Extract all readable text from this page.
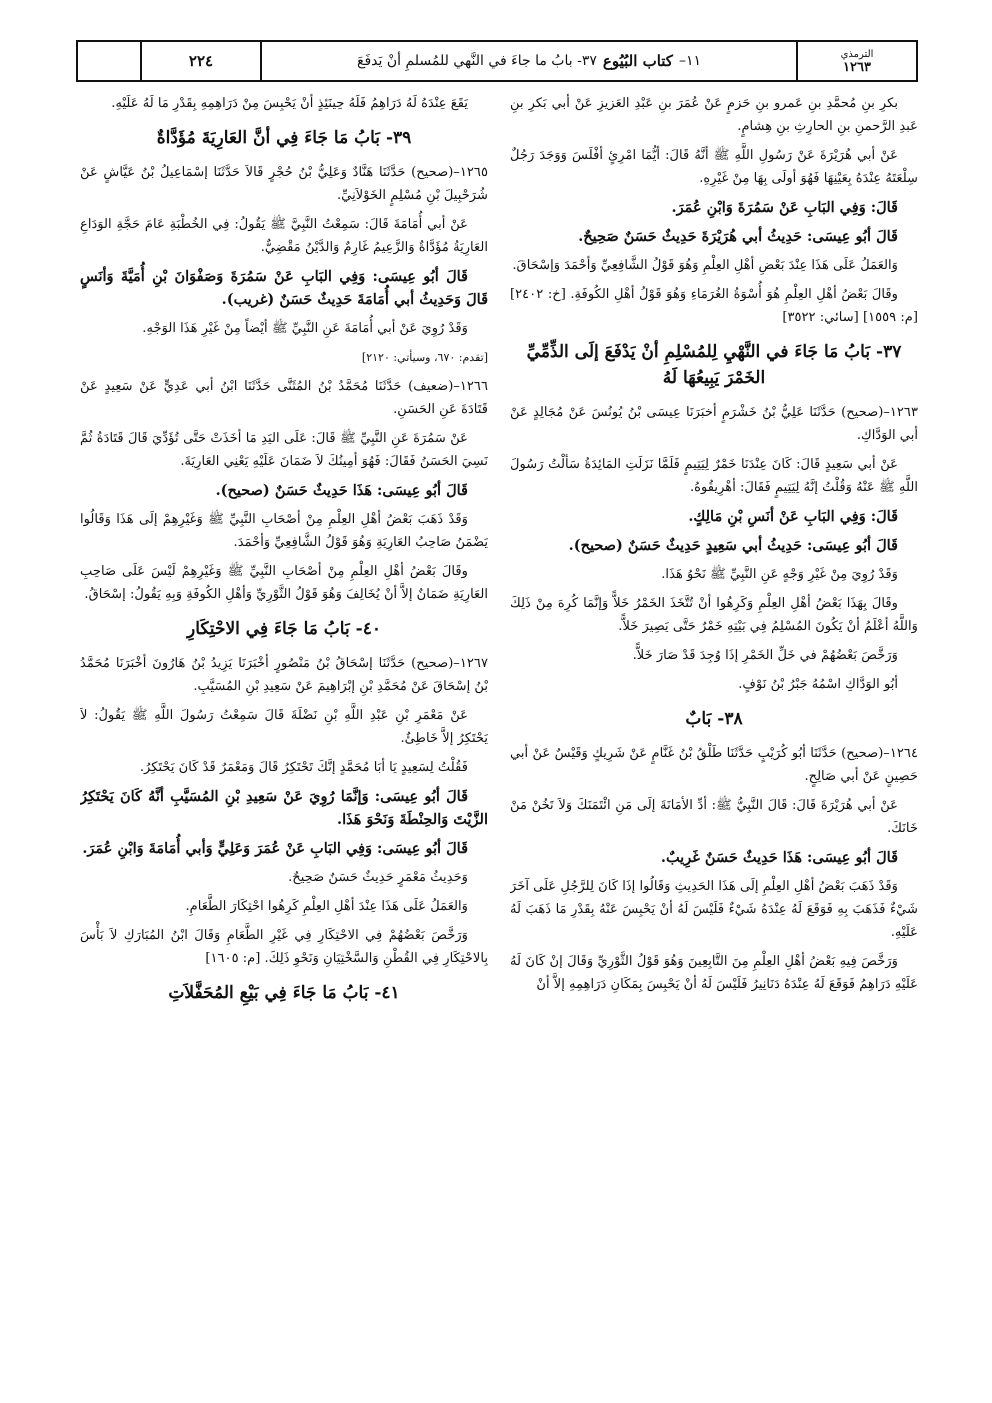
الترمذي
١٢٦٣
١١–
كتاب البُيُوع
٣٧- بابُ ما جاءَ في النَّهي للمُسلمِ أنْ يَدفَعَ
٢٢٤

بكرِ بنِ مُحمَّدِ بنِ عَمرو بنِ حَزمٍ عَنْ عُمَرَ بنِ عَبْدِ العَزيزِ عَنْ أبي بَكرِ بنِ عَبدِ الرَّحمنِ بنِ الحارِثِ بنِ هِشامٍ.

عَنْ أبي هُرَيْرَةَ عَنْ رَسُولِ اللَّهِ ﷺ أنَّهُ قَالَ: أيُّمَا امْرِئٍ أفْلَسَ وَوَجَدَ رَجُلٌ سِلْعَتَهُ عِنْدَهُ بِعَيْنِهَا فَهُوَ أولَى بِهَا مِنْ غَيْرِهِ.

قَالَ: وَفِي البَابِ عَنْ سَمُرَةَ وَابْنِ عُمَرَ.

قَالَ أبُو عِيسَى: حَدِيثُ أبي هُرَيْرَةَ حَدِيثٌ حَسَنٌ صَحِيحٌ.

وَالعَمَلُ عَلَى هَذَا عِنْدَ بَعْضِ أهْلِ العِلْمِ وَهُوَ قَوْلُ الشَّافِعِيِّ وَأحْمَدَ وَإسْحَاقَ.

وقَالَ بَعْضُ أهْلِ العِلْمِ هُوَ أُسْوَةُ الغُرَمَاءِ وَهُوَ قَوْلُ أهْلِ الكُوفَةِ. [خ: ٢٤٠٢] [م: ١٥٥٩] [سائي: ٣٥٢٢]

٣٧- بَابُ مَا جَاءَ في النَّهْيِ لِلمُسْلِمِ أنْ يَدْفَعَ إلَى الذِّمِّيِّ الخَمْرَ يَبِيعُهَا لَهُ

١٢٦٣–(صحيح) حَدَّثَنَا عَلِيُّ بْنُ خَشْرَمٍ أخبَرَنَا عِيسَى بْنُ يُونُسَ عَنْ مُجَالِدٍ عَنْ أبي الوَدَّاكِ.

عَنْ أبي سَعِيدٍ قَالَ: كَانَ عِنْدَنَا خَمْرٌ لِيَتِيمٍ فَلَمَّا نَزَلَتِ المَائِدَةُ سَألْتُ رَسُولَ اللَّهِ ﷺ عَنْهُ وَقُلْتُ إنَّهُ لِيَتِيمٍ فَقَالَ: أهْرِيقُوهُ.

قَالَ: وَفِي البَابِ عَنْ أنَسِ بْنِ مَالِكٍ.

قَالَ أبُو عِيسَى: حَدِيثُ أبي سَعِيدٍ حَدِيثٌ حَسَنٌ (صحيح).

وَقَدْ رُوِيَ مِنْ غَيْرِ وَجْهٍ عَنِ النَّبِيِّ ﷺ نَحْوُ هَذَا.

وقَالَ بِهَذَا بَعْضُ أهْلِ العِلْمِ وَكَرِهُوا أنْ تُتَّخَذَ الخَمْرُ خَلاًّ وَإنَّمَا كُرِهَ مِنْ ذَلِكَ وَاللَّهُ أعْلَمُ أنْ يَكُونَ المُسْلِمُ فِي بَيْتِهِ خَمْرٌ حَتَّى يَصِيرَ خَلاًّ.

وَرَخَّصَ بَعْضُهُمْ في خَلِّ الخَمْرِ إذَا وُجِدَ قَدْ صَارَ خَلاًّ.

أبُو الوَدَّاكِ اسْمُهُ جَبْرُ بْنُ نَوْفٍ.

٣٨- بَابٌ

١٢٦٤–(صحيح) حَدَّثَنَا أبُو كُرَيْبٍ حَدَّثَنَا طَلْقُ بْنُ غَنَّامٍ عَنْ شَرِيكٍ وَقَيْسٌ عَنْ أبي حَصِينٍ عَنْ أبي صَالِحٍ.

عَنْ أبي هُرَيْرَةَ قَالَ: قَالَ النَّبِيُّ ﷺ: أدِّ الأمَانَةَ إلَى مَنِ ائْتَمَنَكَ وَلاَ تَخُنْ مَنْ خَانَكَ.

قَالَ أبُو عِيسَى: هَذَا حَدِيثٌ حَسَنٌ غَرِيبٌ.

وَقَدْ ذَهَبَ بَعْضُ أهْلِ العِلْمِ إلَى هَذَا الحَدِيثِ وَقَالُوا إذَا كَانَ لِلرَّجُلِ عَلَى آخَرَ شَيْءٌ فَذَهَبَ بِهِ فَوَقَعَ لَهُ عِنْدَهُ شَيْءٌ فَلَيْسَ لَهُ أنْ يَحْبِسَ عَنْهُ بِقَدْرِ مَا ذَهَبَ لَهُ عَلَيْهِ.

وَرَخَّصَ فِيهِ بَعْضُ أهْلِ العِلْمِ مِنَ التَّابِعِينَ وَهُوَ قَوْلُ الثَّوْرِيِّ وَقَالَ إنْ كَانَ لَهُ عَلَيْهِ دَرَاهِمُ فَوَقَعَ لَهُ عِنْدَهُ دَنَانِيرُ فَلَيْسَ لَهُ أنْ يَحْبِسَ بِمَكَانِ دَرَاهِمِهِ إلاَّ أنْ

يَقَعَ عِنْدَهُ لَهُ دَرَاهِمُ فَلَهُ حِينَئِذٍ أنْ يَحْبِسَ مِنْ دَرَاهِمِهِ بِقَدْرِ مَا لَهُ عَلَيْهِ.

٣٩- بَابُ مَا جَاءَ فِي أنَّ العَارِيَةَ مُؤَدَّاةٌ

١٢٦٥–(صحيح) حَدَّثَنَا هَنَّادٌ وَعَلِيُّ بْنُ حُجْرٍ قَالاَ حَدَّثَنَا إسْمَاعِيلُ بْنُ عَيَّاشٍ عَنْ شُرَحْبِيلَ بْنِ مُسْلِمٍ الخَوْلاَنِيِّ.

عَنْ أبي أُمَامَةَ قَالَ: سَمِعْتُ النَّبِيَّ ﷺ يَقُولُ: فِي الخُطْبَةِ عَامَ حَجَّةِ الوَدَاعِ العَارِيَةُ مُؤَدَّاةٌ وَالزَّعِيمُ غَارِمٌ وَالدَّيْنُ مَقْضِيٌّ.

قَالَ أبُو عِيسَى: وَفِي البَابِ عَنْ سَمُرَةَ وَصَفْوَانَ بْنِ أُمَيَّةَ وَأنَسٍ قَالَ وَحَدِيثُ أبي أُمَامَةَ حَدِيثٌ حَسَنٌ (غريب).

وَقَدْ رُوِيَ عَنْ أبي أُمَامَةَ عَنِ النَّبِيِّ ﷺ أيْضاً مِنْ غَيْرِ هَذَا الوَجْهِ.

[تقدم: ٦٧٠، وسيأتي: ٢١٢٠]

١٢٦٦–(ضعيف) حَدَّثَنَا مُحَمَّدُ بْنُ المُثَنَّى حَدَّثَنَا ابْنُ أبي عَدِيٍّ عَنْ سَعِيدٍ عَنْ قَتَادَةَ عَنِ الحَسَنِ.

عَنْ سَمُرَةَ عَنِ النَّبِيِّ ﷺ قَالَ: عَلَى اليَدِ مَا أخَذَتْ حَتَّى تُؤَدِّيَ قَالَ قَتَادَةُ ثُمَّ نَسِيَ الحَسَنُ فَقَالَ: فَهُوَ أمِينُكَ لاَ ضَمَانَ عَلَيْهِ يَعْنِي العَارِيَةَ.

قَالَ أبُو عِيسَى: هَذَا حَدِيثٌ حَسَنٌ (صحيح).

وَقَدْ ذَهَبَ بَعْضُ أهْلِ العِلْمِ مِنْ أصْحَابِ النَّبِيِّ ﷺ وَغَيْرِهِمْ إلَى هَذَا وَقَالُوا يَضْمَنُ صَاحِبُ العَارِيَةِ وَهُوَ قَوْلُ الشَّافِعِيِّ وَأحْمَدَ.

وقَالَ بَعْضُ أهْلِ العِلْمِ مِنْ أصْحَابِ النَّبِيِّ ﷺ وَغَيْرِهِمْ لَيْسَ عَلَى صَاحِبِ العَارِيَةِ ضَمَانٌ إلاَّ أنْ يُخَالِفَ وَهُوَ قَوْلُ الثَّوْرِيِّ وَأهْلِ الكُوفَةِ وَبِهِ يَقُولُ: إسْحَاقُ.

٤٠- بَابُ مَا جَاءَ فِي الاحْتِكَارِ

١٢٦٧–(صحيح) حَدَّثَنَا إسْحَاقُ بْنُ مَنْصُورٍ أخْبَرَنَا يَزِيدُ بْنُ هَارُونَ أخْبَرَنَا مُحَمَّدُ بْنُ إسْحَاقَ عَنْ مُحَمَّدِ بْنِ إبْرَاهِيمَ عَنْ سَعِيدِ بْنِ المُسَيَّبِ.

عَنْ مَعْمَرِ بْنِ عَبْدِ اللَّهِ بْنِ نَضْلَةَ قَالَ سَمِعْتُ رَسُولَ اللَّهِ ﷺ يَقُولُ: لاَ يَحْتَكِرُ إلاَّ خَاطِئٌ.

فَقُلْتُ لِسَعِيدٍ يَا أبَا مُحَمَّدٍ إنَّكَ تَحْتَكِرُ قَالَ وَمَعْمَرٌ قَدْ كَانَ يَحْتَكِرُ.

قَالَ أبُو عِيسَى: وَإنَّمَا رُوِيَ عَنْ سَعِيدِ بْنِ المُسَيَّبِ أنَّهُ كَانَ يَحْتَكِرُ الزَّيْتَ وَالحِنْطَةَ وَنَحْوَ هَذَا.

قَالَ أبُو عِيسَى: وَفِي البَابِ عَنْ عُمَرَ وَعَلِيٍّ وَأبي أُمَامَةَ وَابْنِ عُمَرَ.

وَحَدِيثُ مَعْمَرٍ حَدِيثٌ حَسَنٌ صَحِيحٌ.

وَالعَمَلُ عَلَى هَذَا عِنْدَ أهْلِ العِلْمِ كَرِهُوا احْتِكَارَ الطَّعَامِ.

وَرَخَّصَ بَعْضُهُمْ فِي الاحْتِكَارِ فِي غَيْرِ الطَّعَامِ وَقَالَ ابْنُ المُبَارَكِ لاَ بَأْسَ بِالاحْتِكَارِ فِي القُطْنِ وَالسَّخْتِيَانِ وَنَحْوِ ذَلِكَ. [م: ١٦٠٥]

٤١- بَابُ مَا جَاءَ فِي بَيْعِ المُحَفَّلاَتِ
